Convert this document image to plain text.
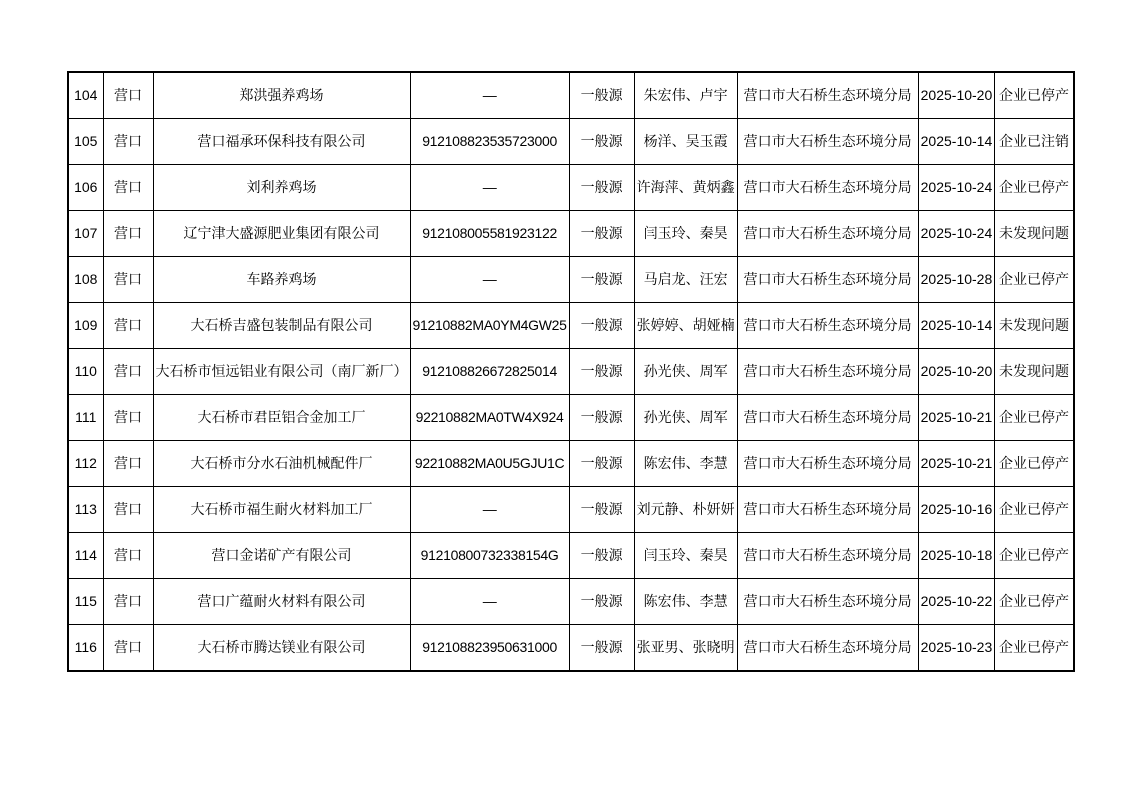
104	营口	郑洪强养鸡场	—	一般源	朱宏伟、卢宇	营口市大石桥生态环境分局	2025-10-20	企业已停产
105	营口	营口福承环保科技有限公司	912108823535723000	一般源	杨洋、吴玉霞	营口市大石桥生态环境分局	2025-10-14	企业已注销
106	营口	刘利养鸡场	—	一般源	许海萍、黄炳鑫	营口市大石桥生态环境分局	2025-10-24	企业已停产
107	营口	辽宁津大盛源肥业集团有限公司	912108005581923122	一般源	闫玉玲、秦昊	营口市大石桥生态环境分局	2025-10-24	未发现问题
108	营口	车路养鸡场	—	一般源	马启龙、汪宏	营口市大石桥生态环境分局	2025-10-28	企业已停产
109	营口	大石桥吉盛包装制品有限公司	91210882MA0YM4GW25	一般源	张婷婷、胡娅楠	营口市大石桥生态环境分局	2025-10-14	未发现问题
110	营口	大石桥市恒远铝业有限公司（南厂新厂）	912108826672825014	一般源	孙光侠、周军	营口市大石桥生态环境分局	2025-10-20	未发现问题
111	营口	大石桥市君臣铝合金加工厂	92210882MA0TW4X924	一般源	孙光侠、周军	营口市大石桥生态环境分局	2025-10-21	企业已停产
112	营口	大石桥市分水石油机械配件厂	92210882MA0U5GJU1C	一般源	陈宏伟、李慧	营口市大石桥生态环境分局	2025-10-21	企业已停产
113	营口	大石桥市福生耐火材料加工厂	—	一般源	刘元静、朴妍妍	营口市大石桥生态环境分局	2025-10-16	企业已停产
114	营口	营口金诺矿产有限公司	91210800732338154G	一般源	闫玉玲、秦昊	营口市大石桥生态环境分局	2025-10-18	企业已停产
115	营口	营口广蕴耐火材料有限公司	—	一般源	陈宏伟、李慧	营口市大石桥生态环境分局	2025-10-22	企业已停产
116	营口	大石桥市腾达镁业有限公司	912108823950631000	一般源	张亚男、张晓明	营口市大石桥生态环境分局	2025-10-23	企业已停产
